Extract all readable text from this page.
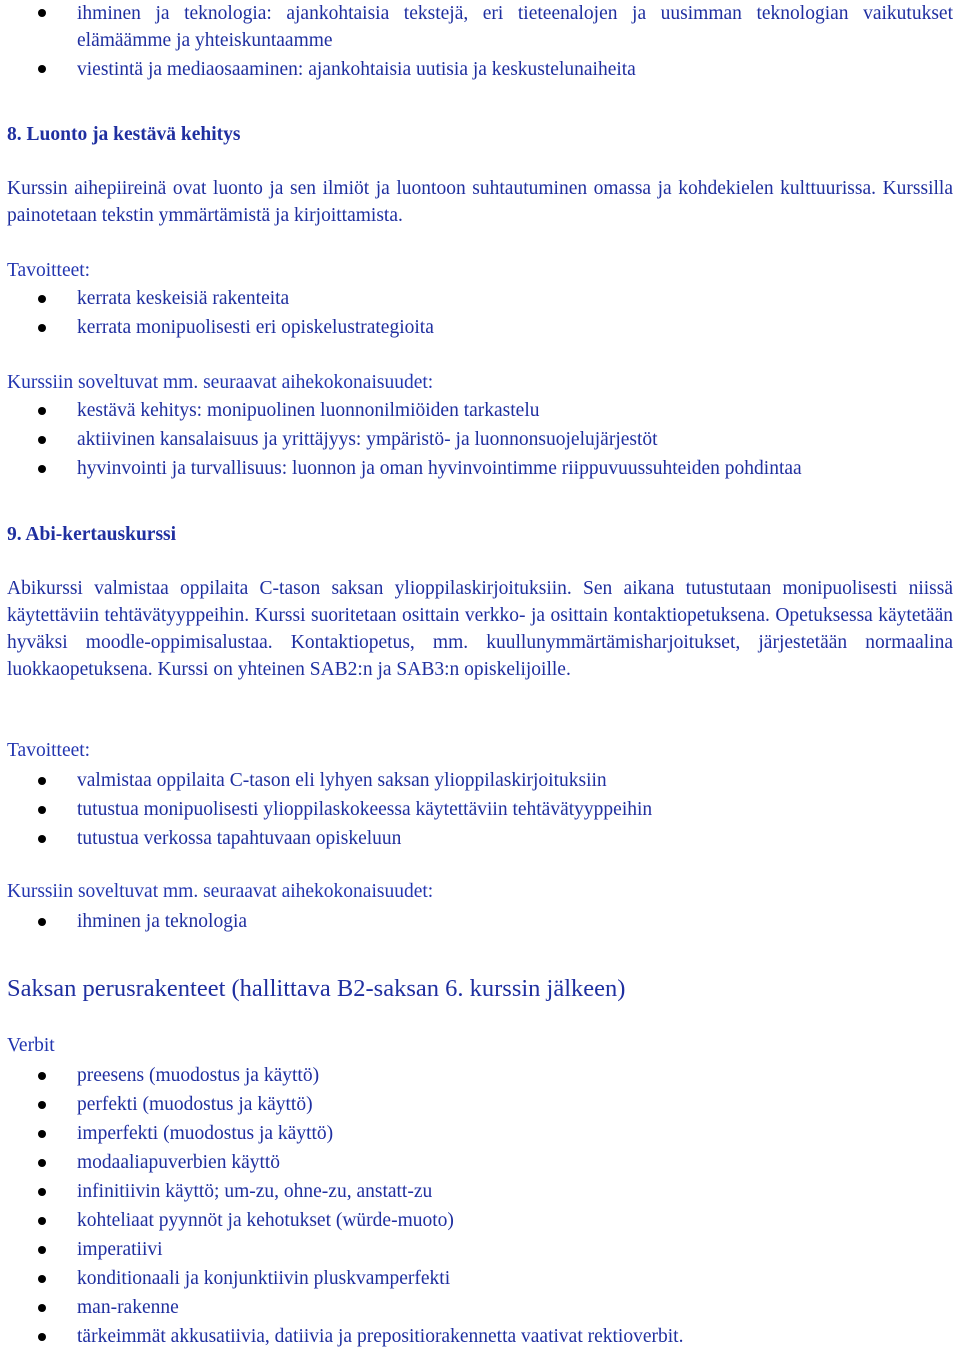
ihminen ja teknologia: ajankohtaisia tekstejä, eri tieteenalojen ja uusimman teknologian vaikutukset elämäämme ja yhteiskuntaamme
viestintä ja mediaosaaminen: ajankohtaisia uutisia ja keskustelunaiheita
8. Luonto ja kestävä kehitys

Kurssin aihepiireinä ovat luonto ja sen ilmiöt ja luontoon suhtautuminen omassa ja kohdekielen kulttuurissa. Kurssilla painotetaan tekstin ymmärtämistä ja kirjoittamista.

Tavoitteet:

kerrata keskeisiä rakenteita
kerrata monipuolisesti eri opiskelustrategioita

Kurssiin soveltuvat mm. seuraavat aihekokonaisuudet:

kestävä kehitys: monipuolinen luonnonilmiöiden tarkastelu
aktiivinen kansalaisuus ja yrittäjyys: ympäristö- ja luonnonsuojelujärjestöt
hyvinvointi ja turvallisuus: luonnon ja oman hyvinvointimme riippuvuussuhteiden pohdintaa
9. Abi-kertauskurssi

Abikurssi valmistaa oppilaita C-tason saksan ylioppilaskirjoituksiin. Sen aikana tutustutaan monipuolisesti niissä käytettäviin tehtävätyyppeihin. Kurssi suoritetaan osittain verkko- ja osittain kontaktiopetuksena. Opetuksessa käytetään hyväksi moodle-oppimisalustaa. Kontaktiopetus, mm. kuullunymmärtämisharjoitukset, järjestetään normaalina luokkaopetuksena. Kurssi on yhteinen SAB2:n ja SAB3:n opiskelijoille.

Tavoitteet:

valmistaa oppilaita C-tason eli lyhyen saksan ylioppilaskirjoituksiin
tutustua monipuolisesti ylioppilaskokeessa käytettäviin tehtävätyyppeihin
tutustua verkossa tapahtuvaan opiskeluun

Kurssiin soveltuvat mm. seuraavat aihekokonaisuudet:

ihminen ja teknologia
Saksan perusrakenteet (hallittava B2-saksan 6. kurssin jälkeen)

Verbit

preesens (muodostus ja käyttö)
perfekti (muodostus ja käyttö)
imperfekti (muodostus ja käyttö)
modaaliapuverbien käyttö
infinitiivin käyttö; um-zu, ohne-zu, anstatt-zu
kohteliaat pyynnöt ja kehotukset (würde-muoto)
imperatiivi
konditionaali ja konjunktiivin pluskvamperfekti
man-rakenne
tärkeimmät akkusatiivia, datiivia ja prepositiorakennetta vaativat rektioverbit.
